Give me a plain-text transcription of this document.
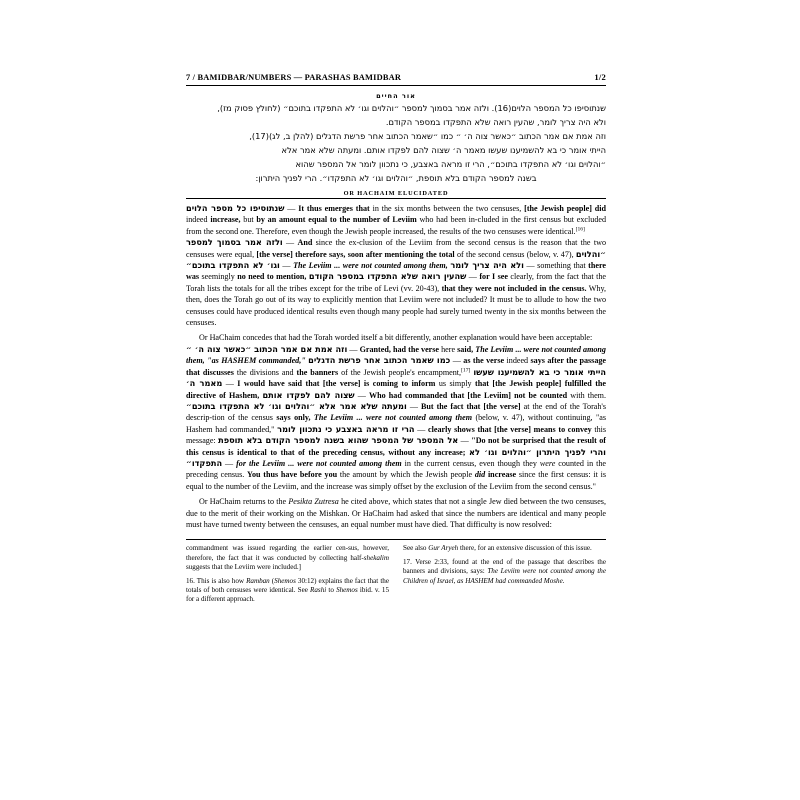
7 / BAMIDBAR/NUMBERS — PARASHAS BAMIDBAR	1/2
אור החיים

שנתוסיפו כל המספר הלוים‏(16). ולזה אמר בסמוך למספר ״והלוים וגו׳ לא התפקדו בתוכם״ (לחולץ פסוק מז),

ולא היה צריך לומר, שהעין רואה שלא התפקדו במספר הקודם.

וזה אמת אם אמר הכתוב ״כאשר צוה ה׳ ״ כמו ״שאמר הכתוב אחר פרשת הדגלים (להלן ב, לג)‏(17),

הייתי אומר כי בא להשמיענו שעשו מאמר ה׳ שצוה להם לפקדו אותם. ומעתה שלא אמר אלא

״והלוים וגו׳ לא התפקדו בתוכם״, הרי זו מראה באצבע, כי נתכוון לומר אל המספר שהוא

בשנה למספר הקודם בלא תוספת, ״והלוים וגו׳ לא התפקדו״. הרי לפניך היתרון:

OR HACHAIM ELUCIDATED

שנתוסיפו כל מספר הלוים — It thus emerges that in the six months between the two censuses, [the Jewish people] did indeed increase, but by an amount equal to the number of Leviim who had been in-cluded in the first census but excluded from the second one. Therefore, even though the Jewish people increased, the results of the two censuses were identical.[16]

ולזה אמר בסמוך למספר — And since the ex-clusion of the Leviim from the second census is the reason that the two censuses were equal, [the verse] therefore says, soon after mentioning the total of the second census (below, v. 47), ״והלוים וגו׳ לא התפקדו בתוכם״ — The Leviim ... were not counted among them, ולא היה צריך לומר — something that there was seemingly no need to mention, שהעין רואה שלא התפקדו במספר הקודם — for I see clearly, from the fact that the Torah lists the totals for all the tribes except for the tribe of Levi (vv. 20-43), that they were not included in the census. Why, then, does the Torah go out of its way to explicitly mention that Leviim were not included? It must be to allude to how the two censuses could have produced identical results even though many people had surely turned twenty in the six months between the censuses.

Or HaChaim concedes that had the Torah worded itself a bit differently, another explanation would have been acceptable:

וזה אמת אם אמר הכתוב ״כאשר צוה ה׳ ״ — Granted, had the verse here said, The Leviim ... were not counted among them, "as HASHEM commanded," כמו שאמר הכתוב אחר פרשת הדגלים — as the verse indeed says after the passage that discusses the divisions and the banners of the Jewish people's encampment,[17] הייתי אומר כי בא להשמיענו שעשו מאמר ה׳ — I would have said that [the verse] is coming to inform us simply that [the Jewish people] fulfilled the directive of Hashem, שצוה להם לפקדו אותם — Who had commanded that [the Leviim] not be counted with them. ומעתה שלא אמר אלא ״והלוים וגו׳ לא התפקדו בתוכם״ — But the fact that [the verse] at the end of the Torah's descrip-tion of the census says only, The Leviim ... were not counted among them (below, v. 47), without continuing, "as Hashem had commanded," הרי זו מראה באצבע כי נתכוון לומר — clearly shows that [the verse] means to convey this message: אל המספר של המספר שהוא בשנה למספר הקודם בלא תוספת — "Do not be surprised that the result of this census is identical to that of the preceding census, without any increase; והרי לפניך היתרון ״והלוים וגו׳ לא התפקדו״ — for the Leviim ... were not counted among them in the current census, even though they were counted in the preceding census. You thus have before you the amount by which the Jewish people did increase since the first census: it is equal to the number of the Leviim, and the increase was simply offset by the exclusion of the Leviim from the second census."

Or HaChaim returns to the Pesikta Zutresa he cited above, which states that not a single Jew died between the two censuses, due to the merit of their working on the Mishkan. Or HaChaim had asked that since the numbers are identical and many people must have turned twenty between the censuses, an equal number must have died. That difficulty is now resolved:

commandment was issued regarding the earlier cen-sus, however, therefore, the fact that it was conducted by collecting half-shekalim suggests that the Leviim were included.]

16. This is also how Ramban (Shemos 30:12) explains the fact that the totals of both censuses were identical. See Rashi to Shemos ibid. v. 15 for a different approach.

See also Gur Aryeh there, for an extensive discussion of this issue.

17. Verse 2:33, found at the end of the passage that describes the banners and divisions, says: The Leviim were not counted among the Children of Israel, as HASHEM had commanded Moshe.
